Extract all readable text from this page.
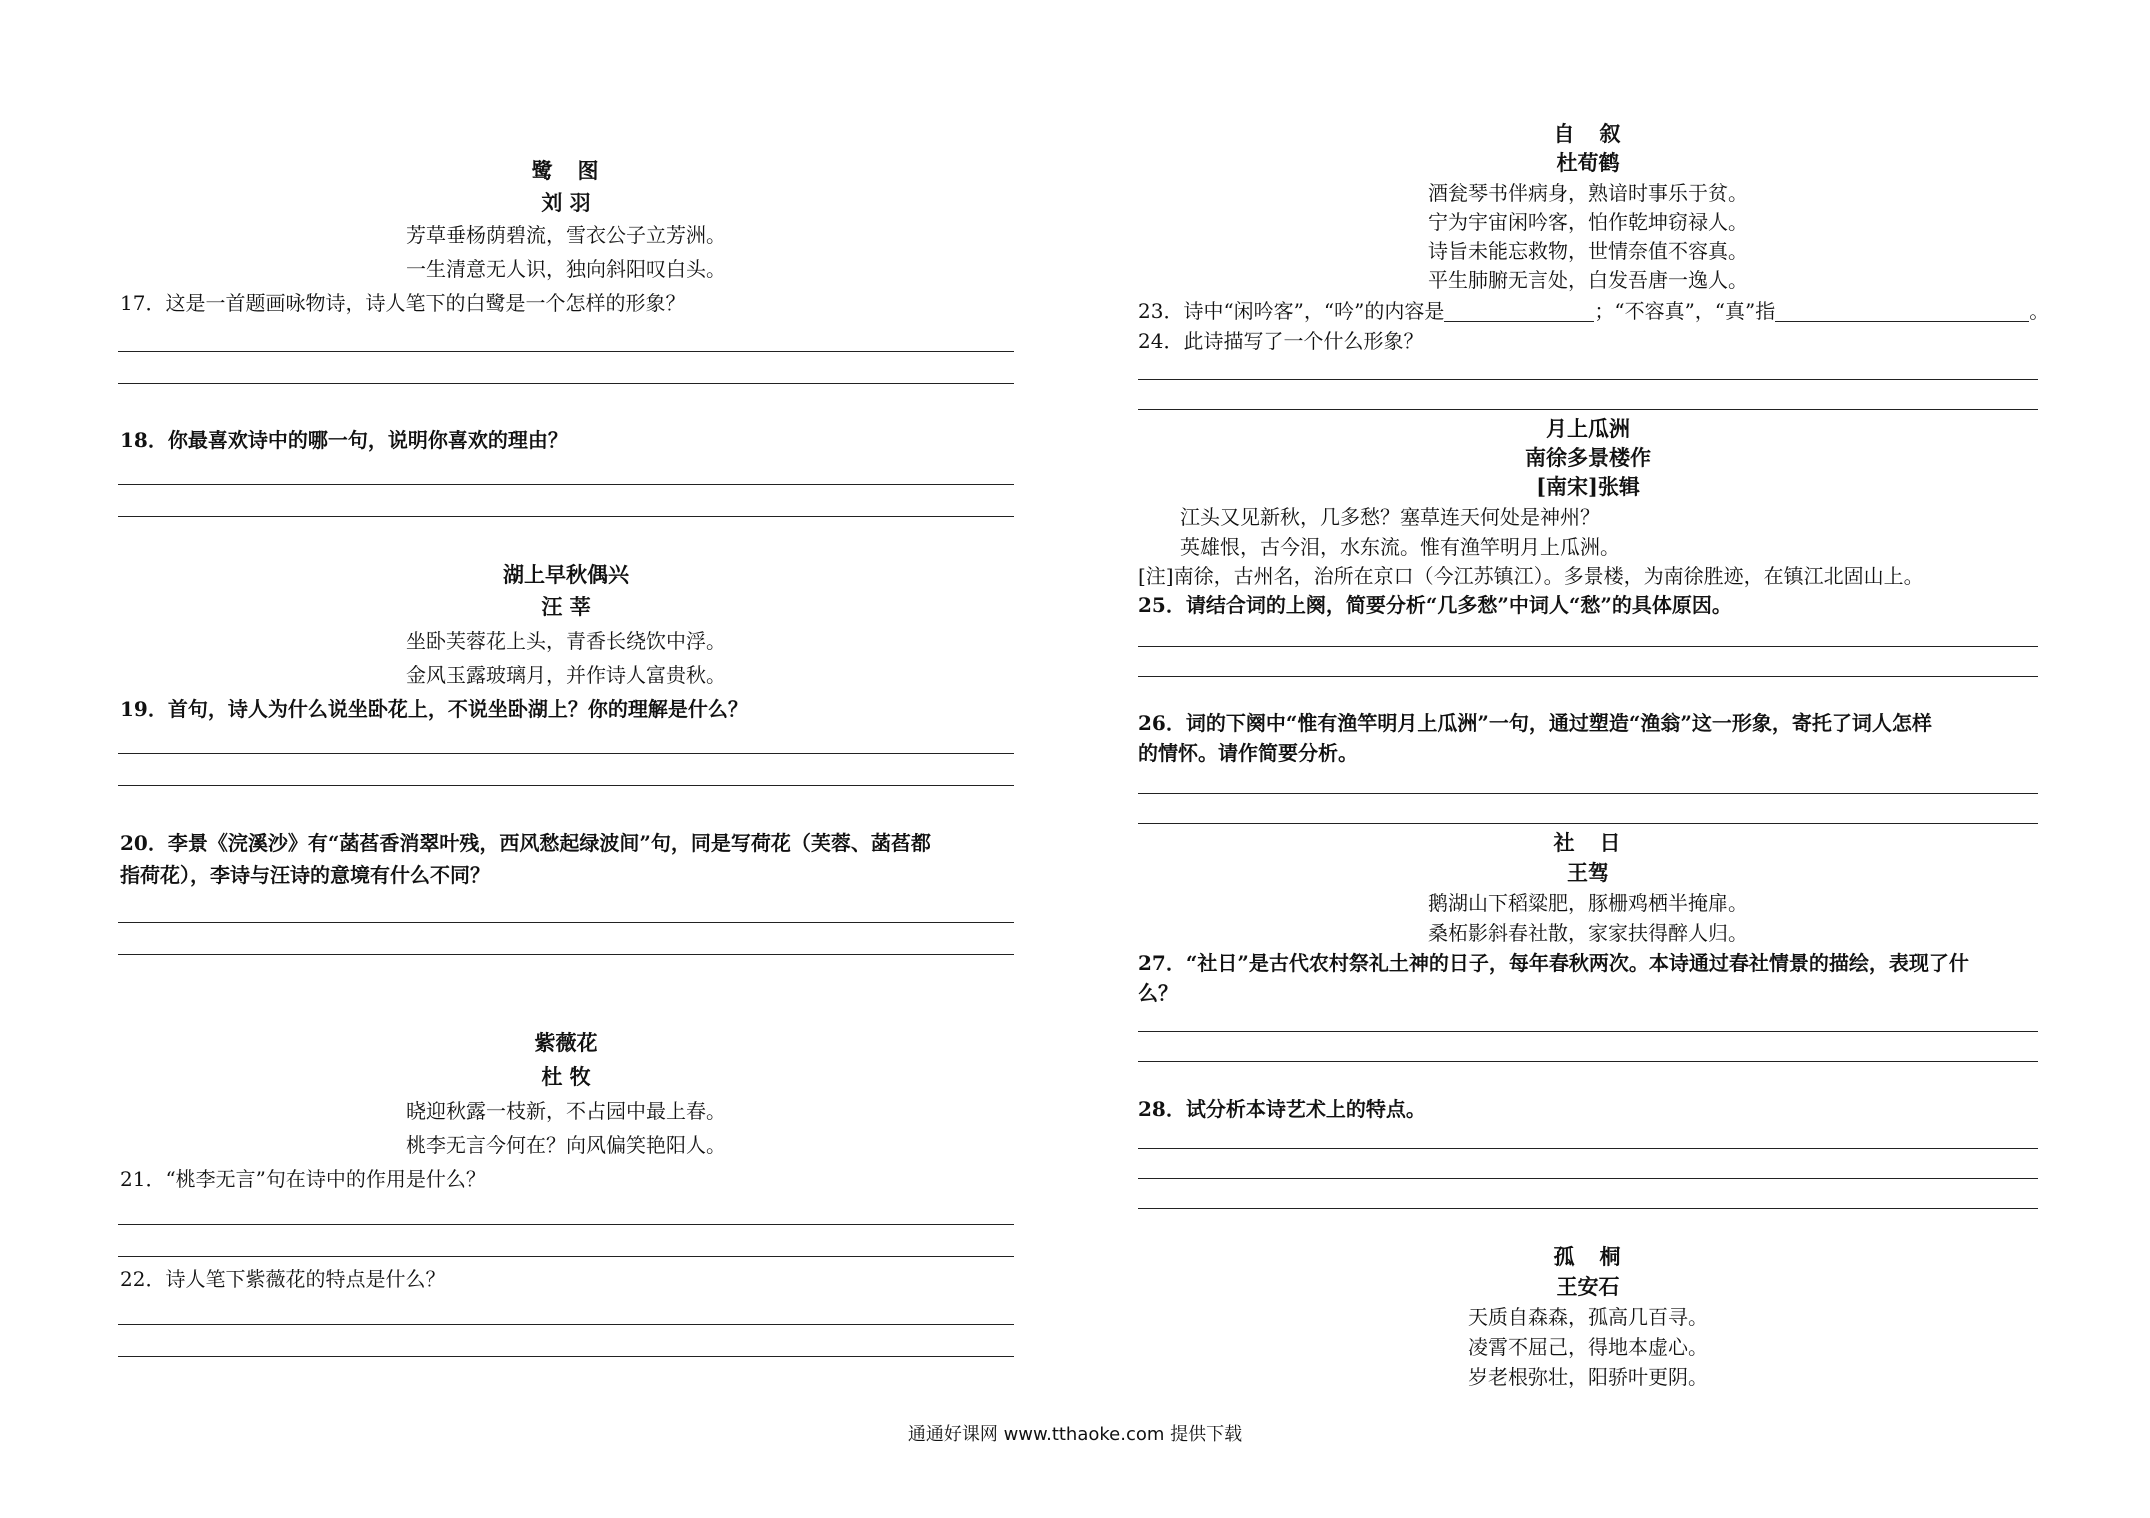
鹭　图
刘 羽
芳草垂杨荫碧流，雪衣公子立芳洲。
一生清意无人识，独向斜阳叹白头。
17．这是一首题画咏物诗，诗人笔下的白鹭是一个怎样的形象？
18．你最喜欢诗中的哪一句，说明你喜欢的理由？
湖上早秋偶兴
汪 莘
坐卧芙蓉花上头，青香长绕饮中浮。
金风玉露玻璃月，并作诗人富贵秋。
19．首句，诗人为什么说坐卧花上，不说坐卧湖上？你的理解是什么？
20．李景《浣溪沙》有“菡萏香消翠叶残，西风愁起绿波间”句，同是写荷花（芙蓉、菡萏都
指荷花），李诗与汪诗的意境有什么不同？
紫薇花
杜 牧
晓迎秋露一枝新，不占园中最上春。
桃李无言今何在？向风偏笑艳阳人。
21．“桃李无言”句在诗中的作用是什么？
22．诗人笔下紫薇花的特点是什么？
自　叙
杜荀鹤
酒瓮琴书伴病身，熟谙时事乐于贫。
宁为宇宙闲吟客，怕作乾坤窃禄人。
诗旨未能忘救物，世情奈值不容真。
平生肺腑无言处，白发吾唐一逸人。
23．诗中“闲吟客”，“吟”的内容是	；“不容真”，“真”指	。
24．此诗描写了一个什么形象？
月上瓜洲
南徐多景楼作
[南宋]张辑
江头又见新秋，几多愁？塞草连天何处是神州？
英雄恨，古今泪，水东流。惟有渔竿明月上瓜洲。
[注]南徐，古州名，治所在京口（今江苏镇江）。多景楼，为南徐胜迹，在镇江北固山上。
25．请结合词的上阕，简要分析“几多愁”中词人“愁”的具体原因。
26．词的下阕中“惟有渔竿明月上瓜洲”一句，通过塑造“渔翁”这一形象，寄托了词人怎样
的情怀。请作简要分析。
社　日
王驾
鹅湖山下稻粱肥，豚栅鸡栖半掩扉。
桑柘影斜春社散，家家扶得醉人归。
27．“社日”是古代农村祭礼土神的日子，每年春秋两次。本诗通过春社情景的描绘，表现了什
么？
28．试分析本诗艺术上的特点。
孤　桐
王安石
天质自森森，孤高几百寻。
凌霄不屈己，得地本虚心。
岁老根弥壮，阳骄叶更阴。
通通好课网 www.tthaoke.com 提供下载
